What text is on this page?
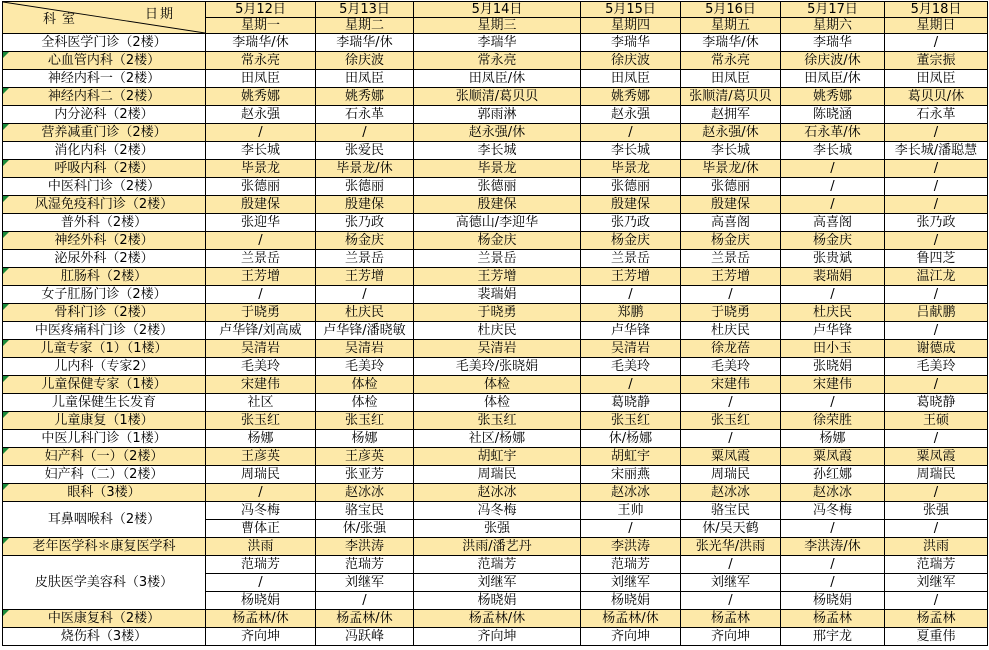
科室 日期	5月12日	5月13日	5月14日	5月15日	5月16日	5月17日	5月18日
	星期一	星期二	星期三	星期四	星期五	星期六	星期日
全科医学门诊（2楼）	李瑞华/休	李瑞华/休	李瑞华	李瑞华	李瑞华/休	李瑞华	/
心血管内科（2楼）	常永亮	徐庆波	常永亮	徐庆波	常永亮	徐庆波/休	董宗振
神经内科一（2楼）	田凤臣	田凤臣	田凤臣/休	田凤臣	田凤臣	田凤臣/休	田凤臣
神经内科二（2楼）	姚秀娜	姚秀娜	张顺清/葛贝贝	姚秀娜	张顺清/葛贝贝	姚秀娜	葛贝贝/休
内分泌科（2楼）	赵永强	石永革	郭雨淋	赵永强	赵拥军	陈晓涵	石永革
营养减重门诊（2楼）	/	/	赵永强/休	/	赵永强/休	石永革/休	/
消化内科（2楼）	李长城	张爱民	李长城	李长城	李长城	李长城	李长城/潘聪慧
呼吸内科（2楼）	毕景龙	毕景龙/休	毕景龙	毕景龙	毕景龙/休	/	/
中医科门诊（2楼）	张德丽	张德丽	张德丽	张德丽	张德丽	/	/
风湿免疫科门诊（2楼）	殷建保	殷建保	殷建保	殷建保	殷建保	/	/
普外科（2楼）	张迎华	张乃政	高德山/李迎华	张乃政	高喜阁	高喜阁	张乃政
神经外科（2楼）	/	杨金庆	杨金庆	杨金庆	杨金庆	杨金庆	/
泌尿外科（2楼）	兰景岳	兰景岳	兰景岳	兰景岳	兰景岳	张贵斌	鲁四芝
肛肠科（2楼）	王芳增	王芳增	王芳增	王芳增	王芳增	裴瑞娟	温江龙
女子肛肠门诊（2楼）	/	/	裴瑞娟	/	/	/	/
骨科门诊（2楼）	于晓勇	杜庆民	于晓勇	郑鹏	于晓勇	杜庆民	吕献鹏
中医疼痛科门诊（2楼）	卢华锋/刘高威	卢华锋/潘晓敏	杜庆民	卢华锋	杜庆民	卢华锋	/
儿童专家（1）（1楼）	吴清岩	吴清岩	吴清岩	吴清岩	徐龙蓓	田小玉	谢德成
儿内科（专家2）	毛美玲	毛美玲	毛美玲/张晓娟	毛美玲	毛美玲	张晓娟	毛美玲
儿童保健专家（1楼）	宋建伟	体检	体检	/	宋建伟	宋建伟	/
儿童保健生长发育	社区	体检	体检	葛晓静	/	/	葛晓静
儿童康复（1楼）	张玉红	张玉红	张玉红	张玉红	张玉红	徐荣胜	王硕
中医儿科门诊（1楼）	杨娜	杨娜	社区/杨娜	休/杨娜	/	杨娜	/
妇产科（一）（2楼）	王彦英	王彦英	胡虹宇	胡虹宇	粟凤霞	粟凤霞	粟凤霞
妇产科（二）（2楼）	周瑞民	张亚芳	周瑞民	宋丽燕	周瑞民	孙红娜	周瑞民
眼科（3楼）	/	赵冰冰	赵冰冰	赵冰冰	赵冰冰	赵冰冰	/
耳鼻咽喉科（2楼）	冯冬梅	骆宝民	冯冬梅	王帅	骆宝民	冯冬梅	张强
	曹体正	休/张强	张强	/	休/吴天鹤	/	/
老年医学科＊康复医学科	洪雨	李洪涛	洪雨/潘艺丹	李洪涛	张光华/洪雨	李洪涛/休	洪雨
皮肤医学美容科（3楼）	范瑞芳	范瑞芳	范瑞芳	范瑞芳	/	/	范瑞芳
	/	刘继军	刘继军	刘继军	刘继军	/	刘继军
	杨晓娟	/	杨晓娟	杨晓娟	/	杨晓娟	/
中医康复科（2楼）	杨孟林/休	杨孟林/休	杨孟林/休	杨孟林/休	杨孟林	杨孟林	杨孟林
烧伤科（3楼）	齐向坤	冯跃峰	齐向坤	齐向坤	齐向坤	邢宇龙	夏重伟
